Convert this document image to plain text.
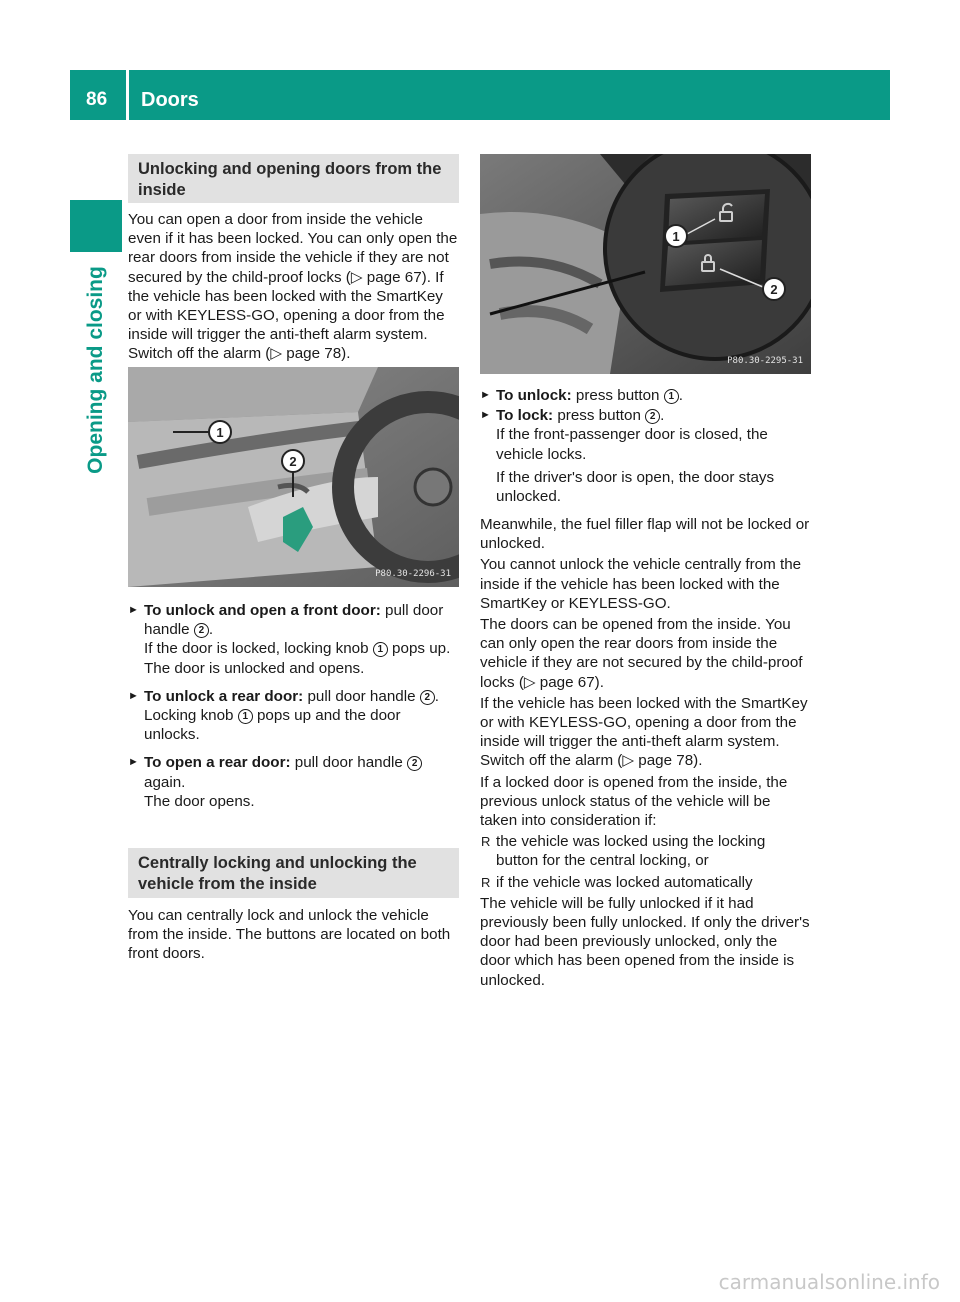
86 Doors
Opening and closing
Unlocking and opening doors from the inside

You can open a door from inside the vehicle even if it has been locked. You can only open the rear doors from inside the vehicle if they are not secured by the child-proof locks (▷ page 67). If the vehicle has been locked with the SmartKey or with KEYLESS-GO, opening a door from the inside will trigger the anti-theft alarm system. Switch off the alarm (▷ page 78).

1
2
P80.30-2296-31
► To unlock and open a front door: pull door handle 2 .
If the door is locked, locking knob 1 pops up. The door is unlocked and opens.
► To unlock a rear door: pull door handle 2 .
Locking knob 1 pops up and the door unlocks.
► To open a rear door: pull door handle 2
again.
The door opens.
Centrally locking and unlocking the vehicle from the inside

You can centrally lock and unlock the vehicle from the inside. The buttons are located on both front doors.

1
2
P80.30-2295-31
► To unlock: press button 1 .
► To lock: press button 2 .
If the front-passenger door is closed, the vehicle locks.
If the driver's door is open, the door stays unlocked.

Meanwhile, the fuel filler flap will not be locked or unlocked.

You cannot unlock the vehicle centrally from the inside if the vehicle has been locked with the SmartKey or KEYLESS-GO.

The doors can be opened from the inside. You can only open the rear doors from inside the vehicle if they are not secured by the child-proof locks (▷ page 67).

If the vehicle has been locked with the SmartKey or with KEYLESS-GO, opening a door from the inside will trigger the anti-theft alarm system. Switch off the alarm (▷ page 78).

If a locked door is opened from the inside, the previous unlock status of the vehicle will be taken into consideration if:

R the vehicle was locked using the locking button for the central locking, or
R if the vehicle was locked automatically

The vehicle will be fully unlocked if it had previously been fully unlocked. If only the driver's door had been previously unlocked, only the door which has been opened from the inside is unlocked.

carmanualsonline.info
